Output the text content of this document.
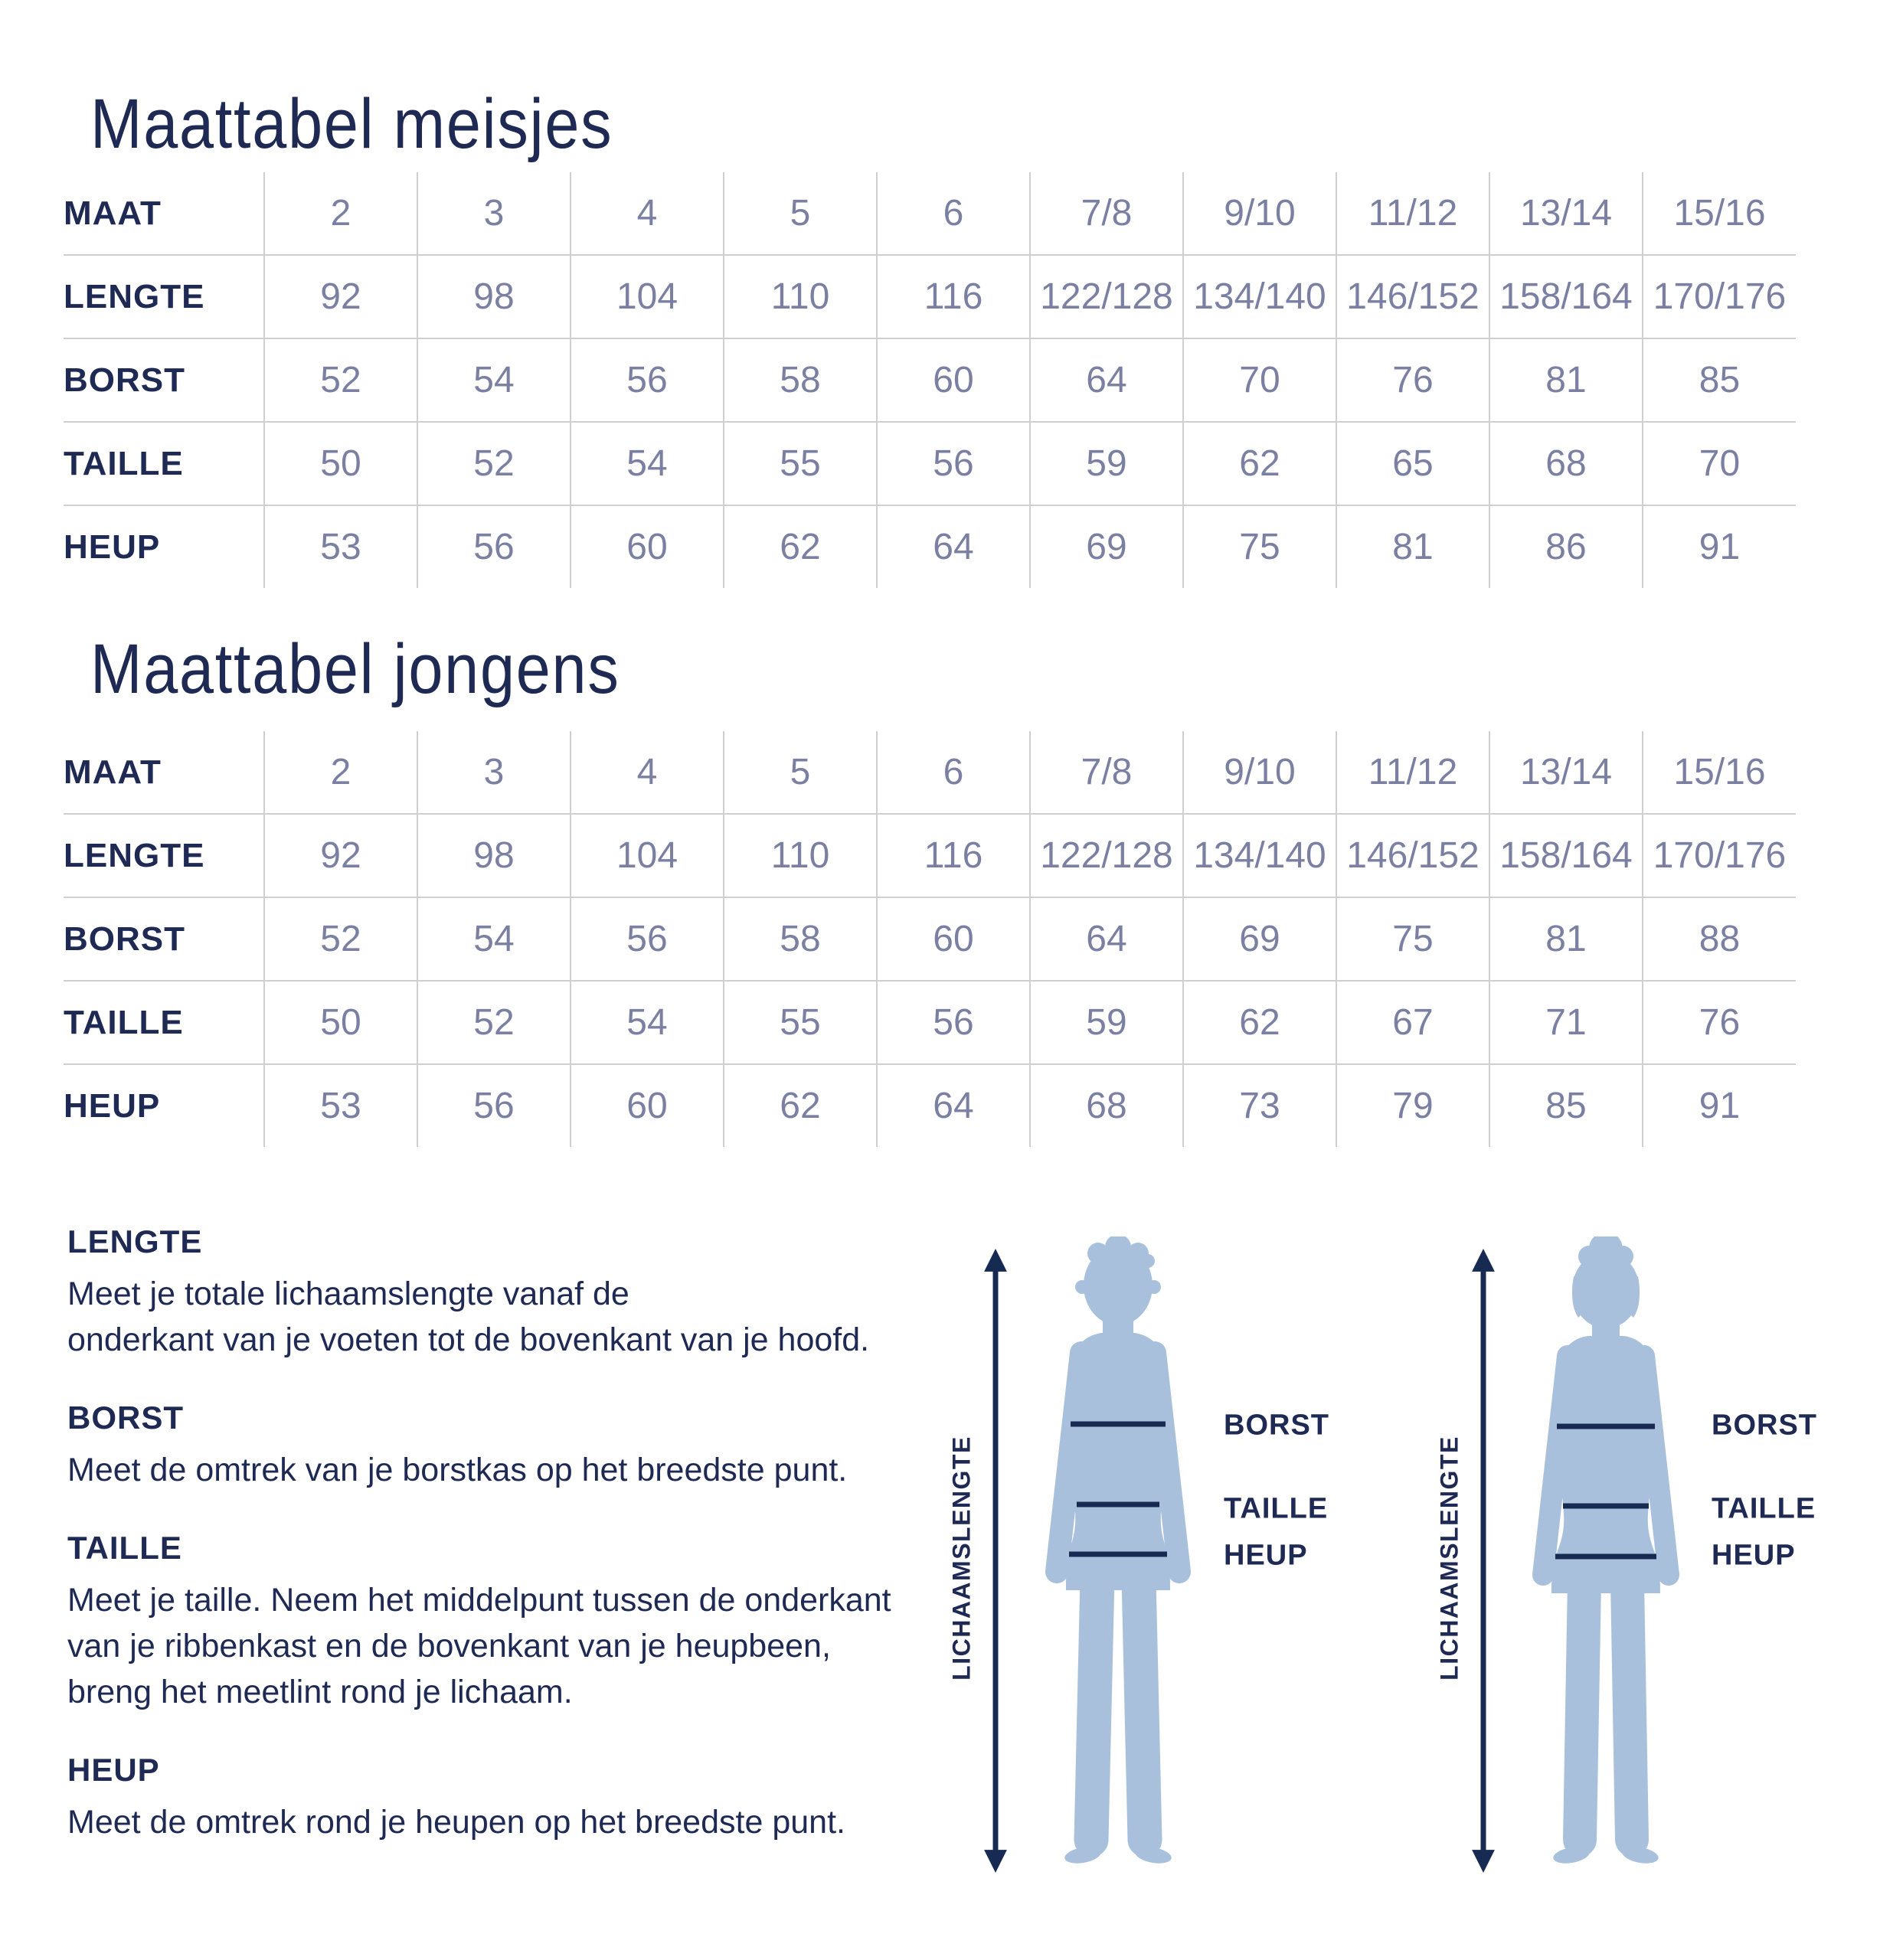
Maattabel meisjes
MAAT	2	3	4	5	6	7/8	9/10	11/12	13/14	15/16
LENGTE	92	98	104	110	116	122/128	134/140	146/152	158/164	170/176
BORST	52	54	56	58	60	64	70	76	81	85
TAILLE	50	52	54	55	56	59	62	65	68	70
HEUP	53	56	60	62	64	69	75	81	86	91
Maattabel jongens
MAAT	2	3	4	5	6	7/8	9/10	11/12	13/14	15/16
LENGTE	92	98	104	110	116	122/128	134/140	146/152	158/164	170/176
BORST	52	54	56	58	60	64	69	75	81	88
TAILLE	50	52	54	55	56	59	62	67	71	76
HEUP	53	56	60	62	64	68	73	79	85	91
LENGTE
Meet je totale lichaamslengte vanaf de
onderkant van je voeten tot de bovenkant van je hoofd.
BORST
Meet de omtrek van je borstkas op het breedste punt.
TAILLE
Meet je taille. Neem het middelpunt tussen de onderkant
van je ribbenkast en de bovenkant van je heupbeen,
breng het meetlint rond je lichaam.
HEUP
Meet de omtrek rond je heupen op het breedste punt.
LICHAAMSLENGTE
BORST
TAILLE
HEUP	LICHAAMSLENGTE
BORST
TAILLE
HEUP
